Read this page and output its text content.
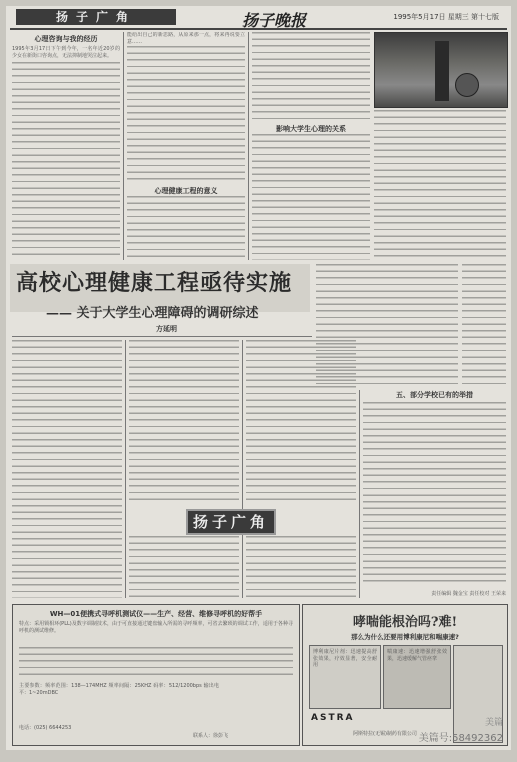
扬子广角	扬子晚报	1995年5月17日 星期三 第十七版
心理咨询与我的经历
1995年3月17日下午到今年，一名年近20岁的少女在新街口咨询点，无法抑制地哭泣起来。
能给出自己的新思路，从原来那一点，将来再说要立意……
心理健康工程的意义
影响大学生心理的关系
高校心理健康工程亟待实施
—— 关于大学生心理障碍的调研综述
方延明
五、部分学校已有的举措
责任编辑 魏金宝 责任校对 王荣来
扬子广角
WH—01便携式寻呼机测试仪——生产、经营、维修寻呼机的好帮手
特点：采用锁相环(PLL)及数字调制技术，由于可直接通过键盘输入所需的寻呼频率，可省去繁琐的调试工作，适用于各种寻呼机的测试维修。
主要参数：频率范围：138—174MHZ 频率间隔：25KHZ 码率：512/1200bps 输出电平：1~20mDBC
电话：(025) 6644253
联系人：徐彭飞
哮喘能根治吗?难!
那么为什么还要用博利康尼和喘康速?
博利康尼片剂：迅速提高舒张效果，疗效显著，安全耐用
喘康速：迅速增强舒张效果，迅速缓解气管痉挛
ASTRA
阿斯特拉(无锡)制药有限公司
美篇
美篇号:58492362
